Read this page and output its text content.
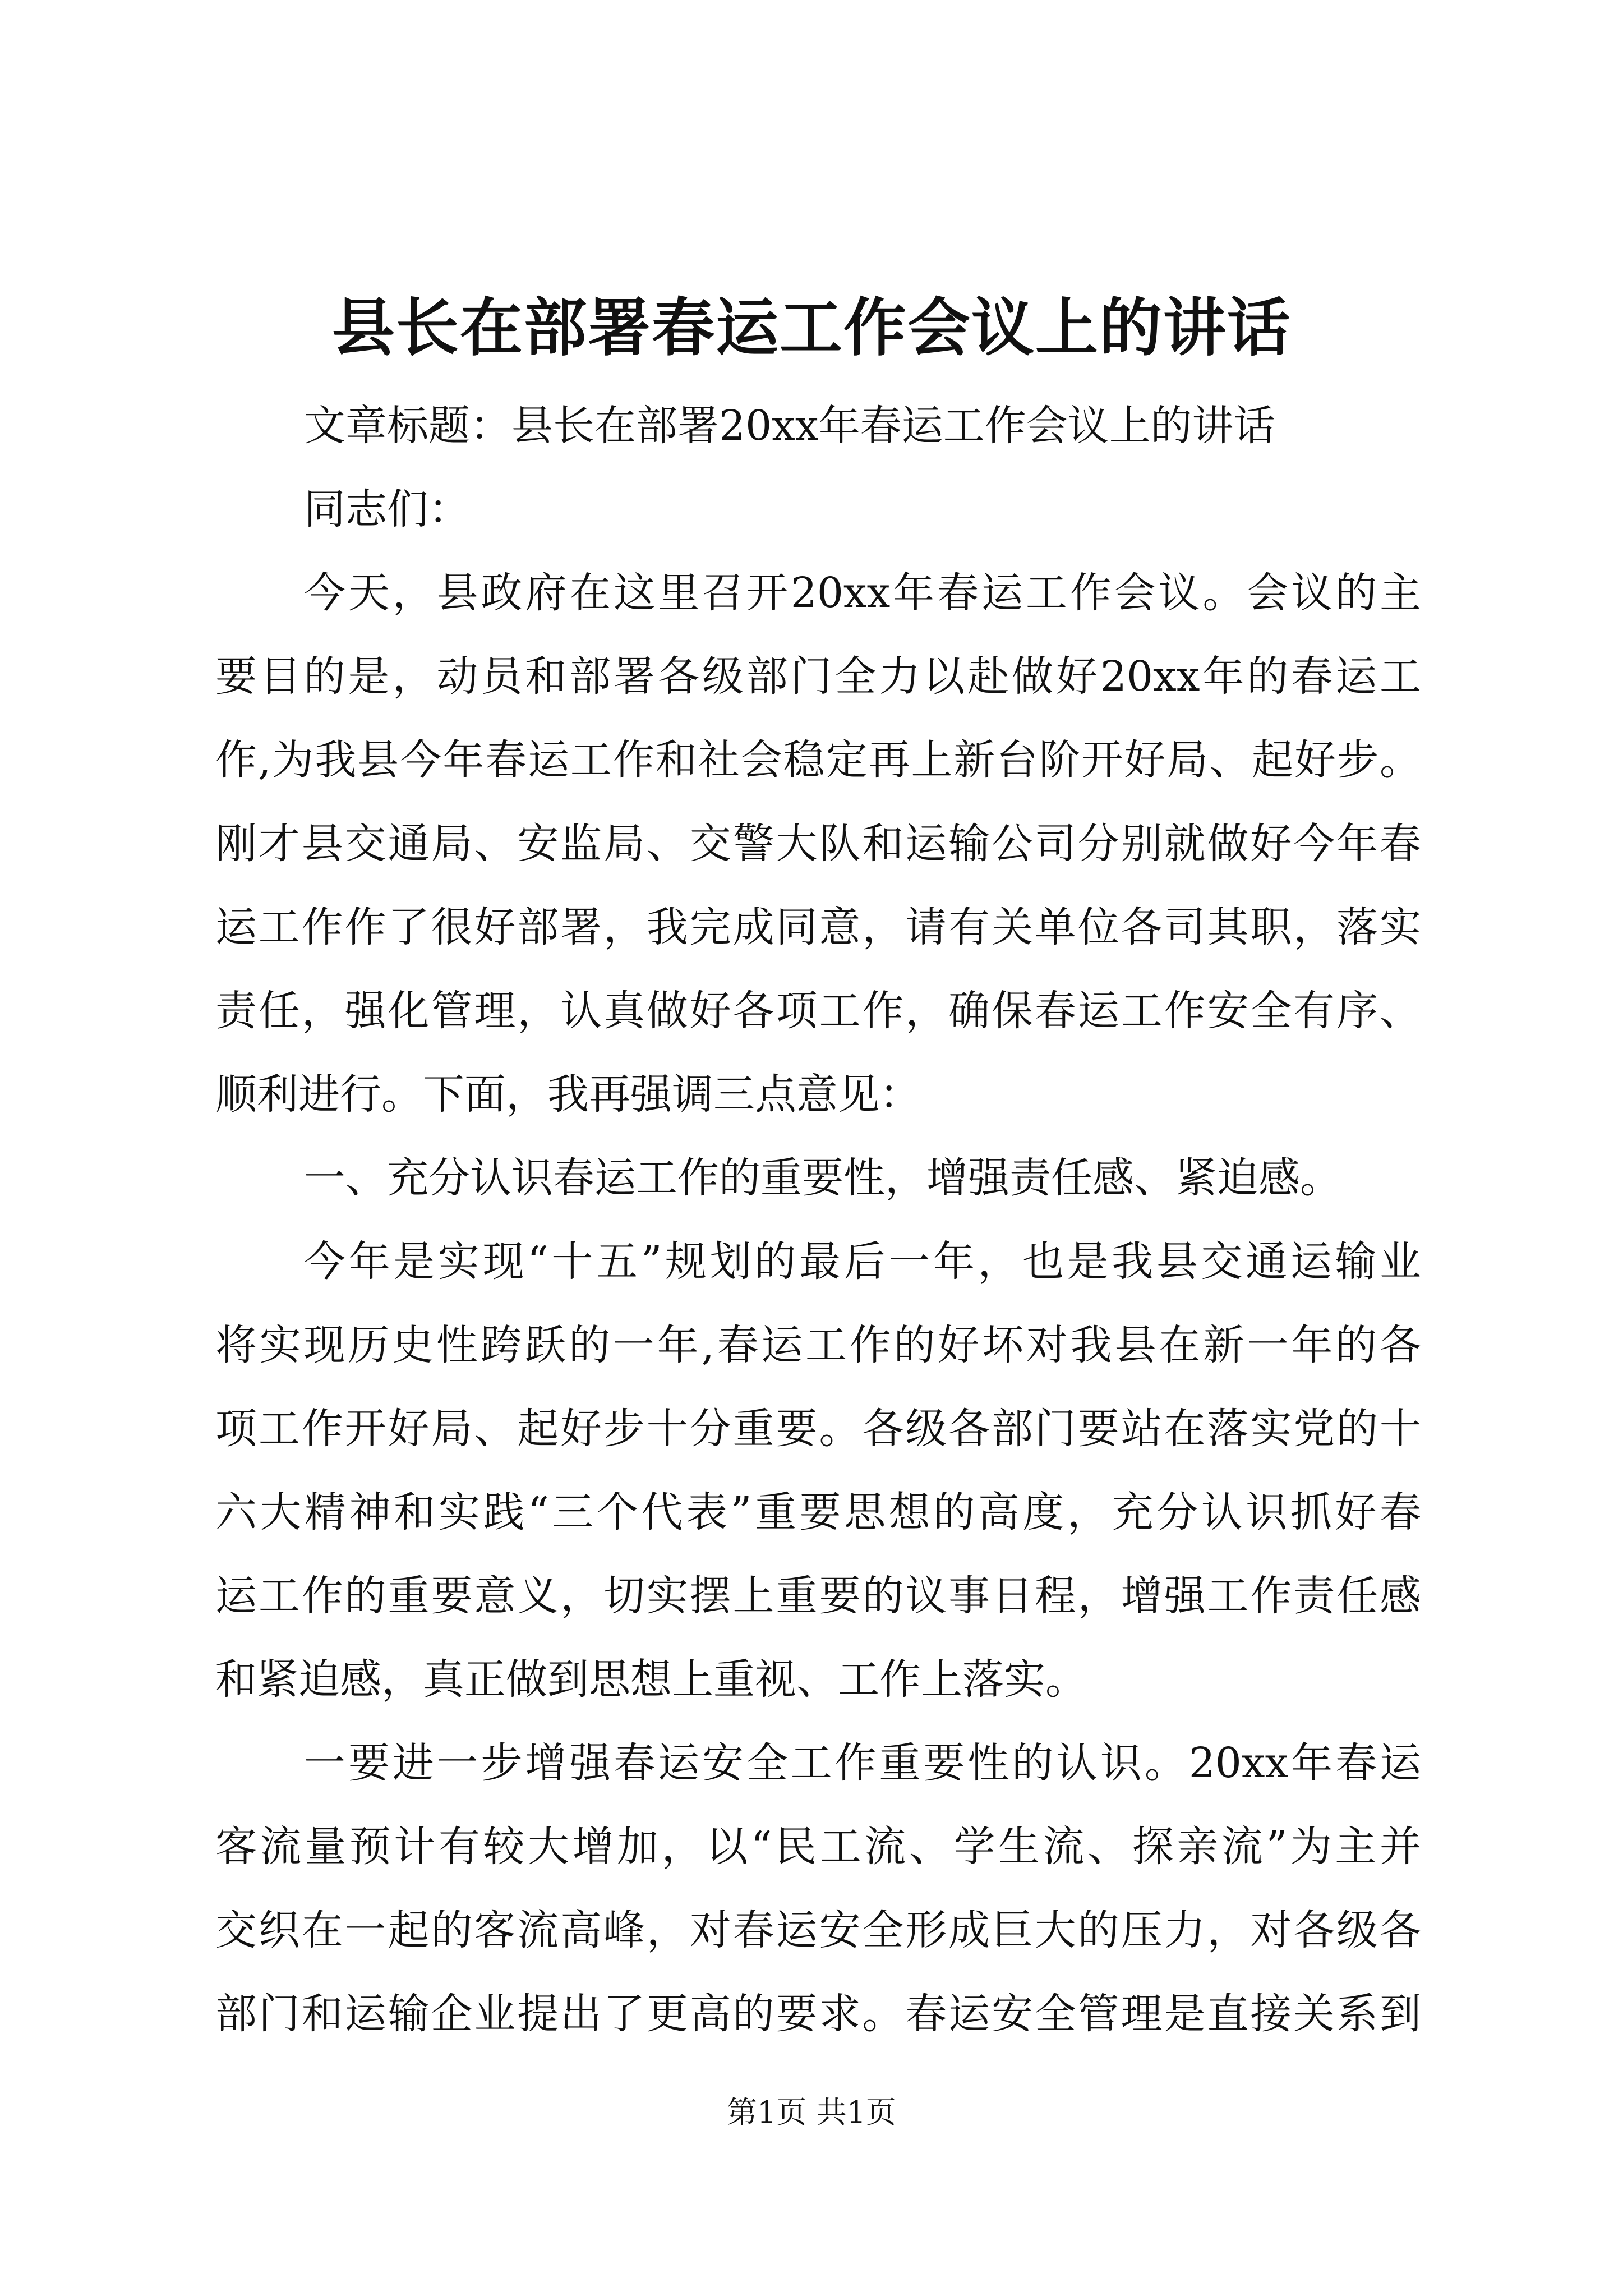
县长在部署春运工作会议上的讲话
文章标题：县长在部署20xx年春运工作会议上的讲话
同志们：
今天，县政府在这里召开20xx年春运工作会议。会议的主
要目的是，动员和部署各级部门全力以赴做好20xx年的春运工
作,为我县今年春运工作和社会稳定再上新台阶开好局、起好步。
刚才县交通局、安监局、交警大队和运输公司分别就做好今年春
运工作作了很好部署，我完成同意，请有关单位各司其职，落实
责任，强化管理，认真做好各项工作，确保春运工作安全有序、
顺利进行。下面，我再强调三点意见：
一、充分认识春运工作的重要性，增强责任感、紧迫感。
今年是实现“十五”规划的最后一年，也是我县交通运输业
将实现历史性跨跃的一年,春运工作的好坏对我县在新一年的各
项工作开好局、起好步十分重要。各级各部门要站在落实党的十
六大精神和实践“三个代表”重要思想的高度，充分认识抓好春
运工作的重要意义，切实摆上重要的议事日程，增强工作责任感
和紧迫感，真正做到思想上重视、工作上落实。
一要进一步增强春运安全工作重要性的认识。20xx年春运
客流量预计有较大增加，以“民工流、学生流、探亲流”为主并
交织在一起的客流高峰，对春运安全形成巨大的压力，对各级各
部门和运输企业提出了更高的要求。春运安全管理是直接关系到
第1页 共1页
